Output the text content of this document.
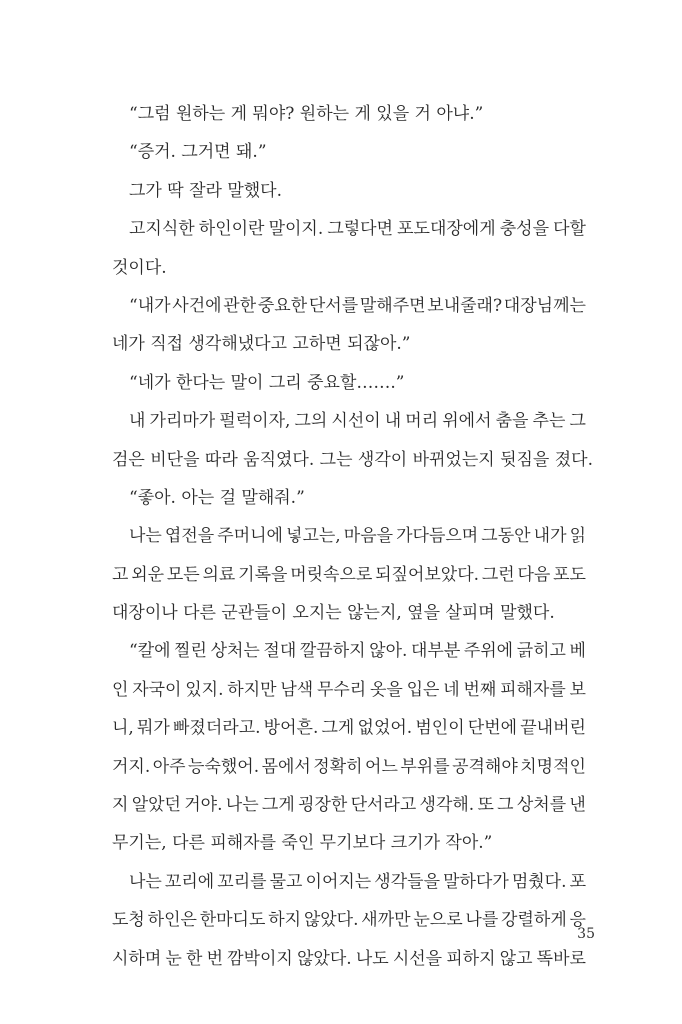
“그럼 원하는 게 뭐야? 원하는 게 있을 거 아냐.”
“증거. 그거면 돼.”
그가 딱 잘라 말했다.
고지식한 하인이란 말이지. 그렇다면 포도대장에게 충성을 다할
것이다.
“내가 사건에 관한 중요한 단서를 말해주면 보내줄래? 대장님께는
네가 직접 생각해냈다고 고하면 되잖아.”
“네가 한다는 말이 그리 중요할…….”
내 가리마가 펄럭이자, 그의 시선이 내 머리 위에서 춤을 추는 그
검은 비단을 따라 움직였다. 그는 생각이 바뀌었는지 뒷짐을 졌다.
“좋아. 아는 걸 말해줘.”
나는 엽전을 주머니에 넣고는, 마음을 가다듬으며 그동안 내가 읽
고 외운 모든 의료 기록을 머릿속으로 되짚어보았다. 그런 다음 포도
대장이나 다른 군관들이 오지는 않는지, 옆을 살피며 말했다.
“칼에 찔린 상처는 절대 깔끔하지 않아. 대부분 주위에 긁히고 베
인 자국이 있지. 하지만 남색 무수리 옷을 입은 네 번째 피해자를 보
니, 뭐가 빠졌더라고. 방어흔. 그게 없었어. 범인이 단번에 끝내버린
거지. 아주 능숙했어. 몸에서 정확히 어느 부위를 공격해야 치명적인
지 알았던 거야. 나는 그게 굉장한 단서라고 생각해. 또 그 상처를 낸
무기는, 다른 피해자를 죽인 무기보다 크기가 작아.”
나는 꼬리에 꼬리를 물고 이어지는 생각들을 말하다가 멈췄다. 포
도청 하인은 한마디도 하지 않았다. 새까만 눈으로 나를 강렬하게 응
시하며 눈 한 번 깜박이지 않았다. 나도 시선을 피하지 않고 똑바로
35
